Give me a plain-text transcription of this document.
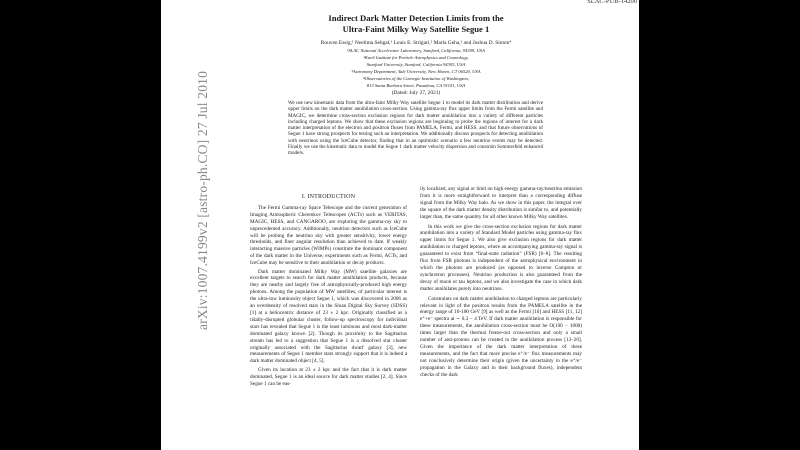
SLAC-PUB-14200
arXiv:1007.4199v2 [astro-ph.CO] 27 Jul 2010
Indirect Dark Matter Detection Limits from the
Ultra-Faint Milky Way Satellite Segue 1
Rouven Essig,¹ Neelima Sehgal,¹ Louis E. Strigari,² Marla Geha,³ and Joshua D. Simon⁴
¹SLAC National Accelerator Laboratory, Stanford, California, 94309, USA
²Kavli Institute for Particle Astrophysics and Cosmology,
Stanford University, Stanford, California 94305, USA
³Astronomy Department, Yale University, New Haven, CT 06520, USA
⁴Observatories of the Carnegie Institution of Washington,
813 Santa Barbara Street, Pasadena, CA 91101, USA
(Dated: July 27, 2021)
We use new kinematic data from the ultra-faint Milky Way satellite Segue 1 to model its dark matter distribution and derive upper limits on the dark matter annihilation cross-section. Using gamma-ray flux upper limits from the Fermi satellite and MAGIC, we determine cross-section exclusion regions for dark matter annihilation into a variety of different particles including charged leptons. We show that these exclusion regions are beginning to probe the regions of interest for a dark matter interpretation of the electron and positron fluxes from PAMELA, Fermi, and HESS, and that future observations of Segue 1 have strong prospects for testing such an interpretation. We additionally discuss prospects for detecting annihilation with neutrinos using the IceCube detector, finding that in an optimistic scenario a few neutrino events may be detected. Finally we use the kinematic data to model the Segue 1 dark matter velocity dispersion and constrain Sommerfeld enhanced models.
I. INTRODUCTION

The Fermi Gamma-ray Space Telescope and the current generation of Imaging Atmospheric Cherenkov Telescopes (ACTs) such as VERITAS, MAGIC, HESS, and CANGAROO, are exploring the gamma-ray sky to unprecedented accuracy. Additionally, neutrino detectors such as IceCube will be probing the neutrino sky with greater sensitivity, lower energy thresholds, and finer angular resolution than achieved to date. If weakly interacting massive particles (WIMPs) constitute the dominant component of the dark matter in the Universe, experiments such as Fermi, ACTs, and IceCube may be sensitive to their annihilation or decay products.

Dark matter dominated Milky Way (MW) satellite galaxies are excellent targets to search for dark matter annihilation products, because they are nearby and largely free of astrophysically-produced high energy photons. Among the population of MW satellites, of particular interest is the ultra-low luminosity object Segue 1, which was discovered in 2006 as an overdensity of resolved stars in the Sloan Digital Sky Survey (SDSS) [1] at a heliocentric distance of 23 ± 2 kpc. Originally classified as a tidally-disrupted globular cluster, follow-up spectroscopy for individual stars has revealed that Segue 1 is the least luminous and most dark-matter dominated galaxy known [2]. Though its proximity to the Sagittarius stream has led to a suggestion that Segue 1 is a dissolved star cluster originally associated with the Sagittarius dwarf galaxy [3], new measurements of Segue 1 member stars strongly support that it is indeed a dark matter dominated object [4, 5].

Given its location at 23 ± 2 kpc and the fact that it is dark matter dominated, Segue 1 is an ideal source for dark matter studies [2, 4]. Since Segue 1 can be eas-

ily localized, any signal or limit on high energy gamma-ray/neutrino emission from it is more straightforward to interpret than a corresponding diffuse signal from the Milky Way halo. As we show in this paper, the integral over the square of the dark matter density distribution is similar to, and potentially larger than, the same quantity for all other known Milky Way satellites.

In this work we give the cross-section exclusion regions for dark matter annihilation into a variety of Standard Model particles using gamma-ray flux upper limits for Segue 1. We also give exclusion regions for dark matter annihilation to charged leptons, where an accompanying gamma-ray signal is guaranteed to exist from “final-state radiation” (FSR) [6–8]. The resulting flux from FSR photons is independent of the astrophysical environment in which the photons are produced (as opposed to inverse Compton or synchrotron processes). Neutrino production is also guaranteed from the decay of muon or tau leptons, and we also investigate the case in which dark matter annihilates purely into neutrinos.

Constraints on dark matter annihilation to charged leptons are particularly relevant in light of the positron results from the PAMELA satellite in the energy range of 10-100 GeV [9] as well as the Fermi [10] and HESS [11, 12] e⁺+e⁻ spectra at ∼ 0.3 − 4 TeV. If dark matter annihilation is responsible for these measurements, the annihilation cross-section must be O(100 − 1000) times larger than the thermal freeze-out cross-section and only a small number of anti-protons can be created in the annihilation process [13–20]. Given the importance of the dark matter interpretation of these measurements, and the fact that more precise e⁺/e⁻ flux measurements may not conclusively determine their origin (given the uncertainty in the e⁺/e⁻ propagation in the Galaxy and in their background fluxes), independent checks of the dark
